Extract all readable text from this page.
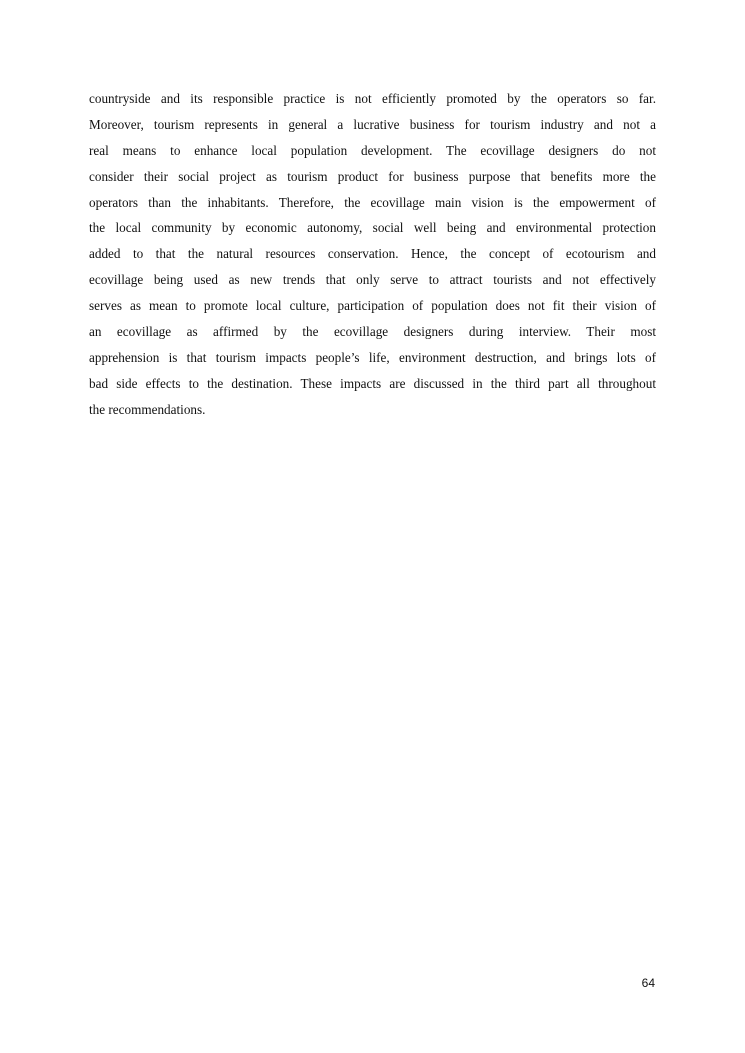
countryside and its responsible practice is not efficiently promoted by the operators so far.
Moreover, tourism represents in general a lucrative business for tourism industry and not a
real means to enhance local population development. The ecovillage designers do not
consider their social project as tourism product for business purpose that benefits more the
operators than the inhabitants. Therefore, the ecovillage main vision is the empowerment of
the local community by economic autonomy, social well being and environmental protection
added to that the natural resources conservation. Hence, the concept of ecotourism and
ecovillage being used as new trends that only serve to attract tourists and not effectively
serves as mean to promote local culture, participation of population does not fit their vision of
an ecovillage as affirmed by the ecovillage designers during interview. Their most
apprehension is that tourism impacts people’s life, environment destruction, and brings lots of
bad side effects to the destination. These impacts are discussed in the third part all throughout
the recommendations.

64
